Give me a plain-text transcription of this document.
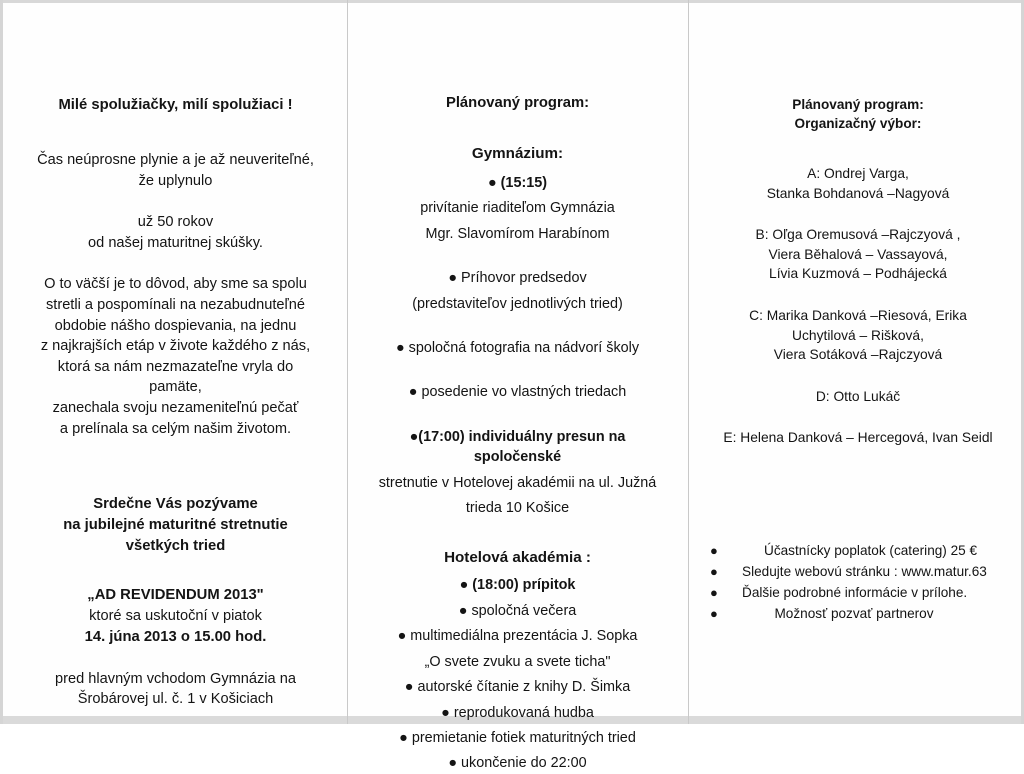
Milé spolužiačky, milí spolužiaci !
Čas neúprosne plynie a je až neuveriteľné,
že uplynulo
už 50 rokov
od našej maturitnej skúšky.
O to väčší je to dôvod, aby sme sa spolu
stretli a pospomínali na nezabudnuteľné
obdobie nášho dospievania, na jednu
z najkrajších etáp v živote každého z nás,
ktorá sa nám nezmazateľne vryla do pamäte,
zanechala svoju nezameniteľnú pečať
a prelínala sa celým našim životom.
Srdečne Vás pozývame
na jubilejné maturitné stretnutie
všetkých tried
„AD REVIDENDUM 2013"
ktoré sa uskutoční v piatok
14. júna 2013 o 15.00 hod.
pred hlavným vchodom Gymnázia na
Šrobárovej ul. č. 1 v Košiciach
Plánovaný program:
Gymnázium:
● (15:15)
privítanie riaditeľom Gymnázia
Mgr. Slavomírom Harabínom
● Príhovor predsedov
(predstaviteľov jednotlivých tried)
● spoločná fotografia na nádvorí školy
● posedenie vo vlastných triedach
●(17:00) individuálny presun na spoločenské
stretnutie v Hotelovej akadémii na ul. Južná
trieda 10 Košice
Hotelová akadémia :
● (18:00) prípitok
● spoločná večera
● multimediálna prezentácia J. Sopka
„O svete zvuku a svete ticha"
● autorské čítanie z knihy D. Šimka
● reprodukovaná hudba
● premietanie fotiek maturitných tried
● ukončenie do 22:00
Plánovaný program:
Organizačný výbor:
A: Ondrej Varga,
Stanka Bohdanová –Nagyová
B: Oľga Oremusová –Rajczyová ,
Viera Běhalová – Vassayová,
Lívia Kuzmová – Podhájecká
C: Marika Danková –Riesová, Erika
Uchytilová – Rišková,
Viera Sotáková –Rajczyová
D: Otto Lukáč
E: Helena Danková – Hercegová, Ivan Seidl
●	Účastnícky poplatok (catering) 25 €
●	Sledujte webovú stránku : www.matur.63
●	Ďalšie podrobné informácie v prílohe.
●	Možnosť pozvať partnerov
